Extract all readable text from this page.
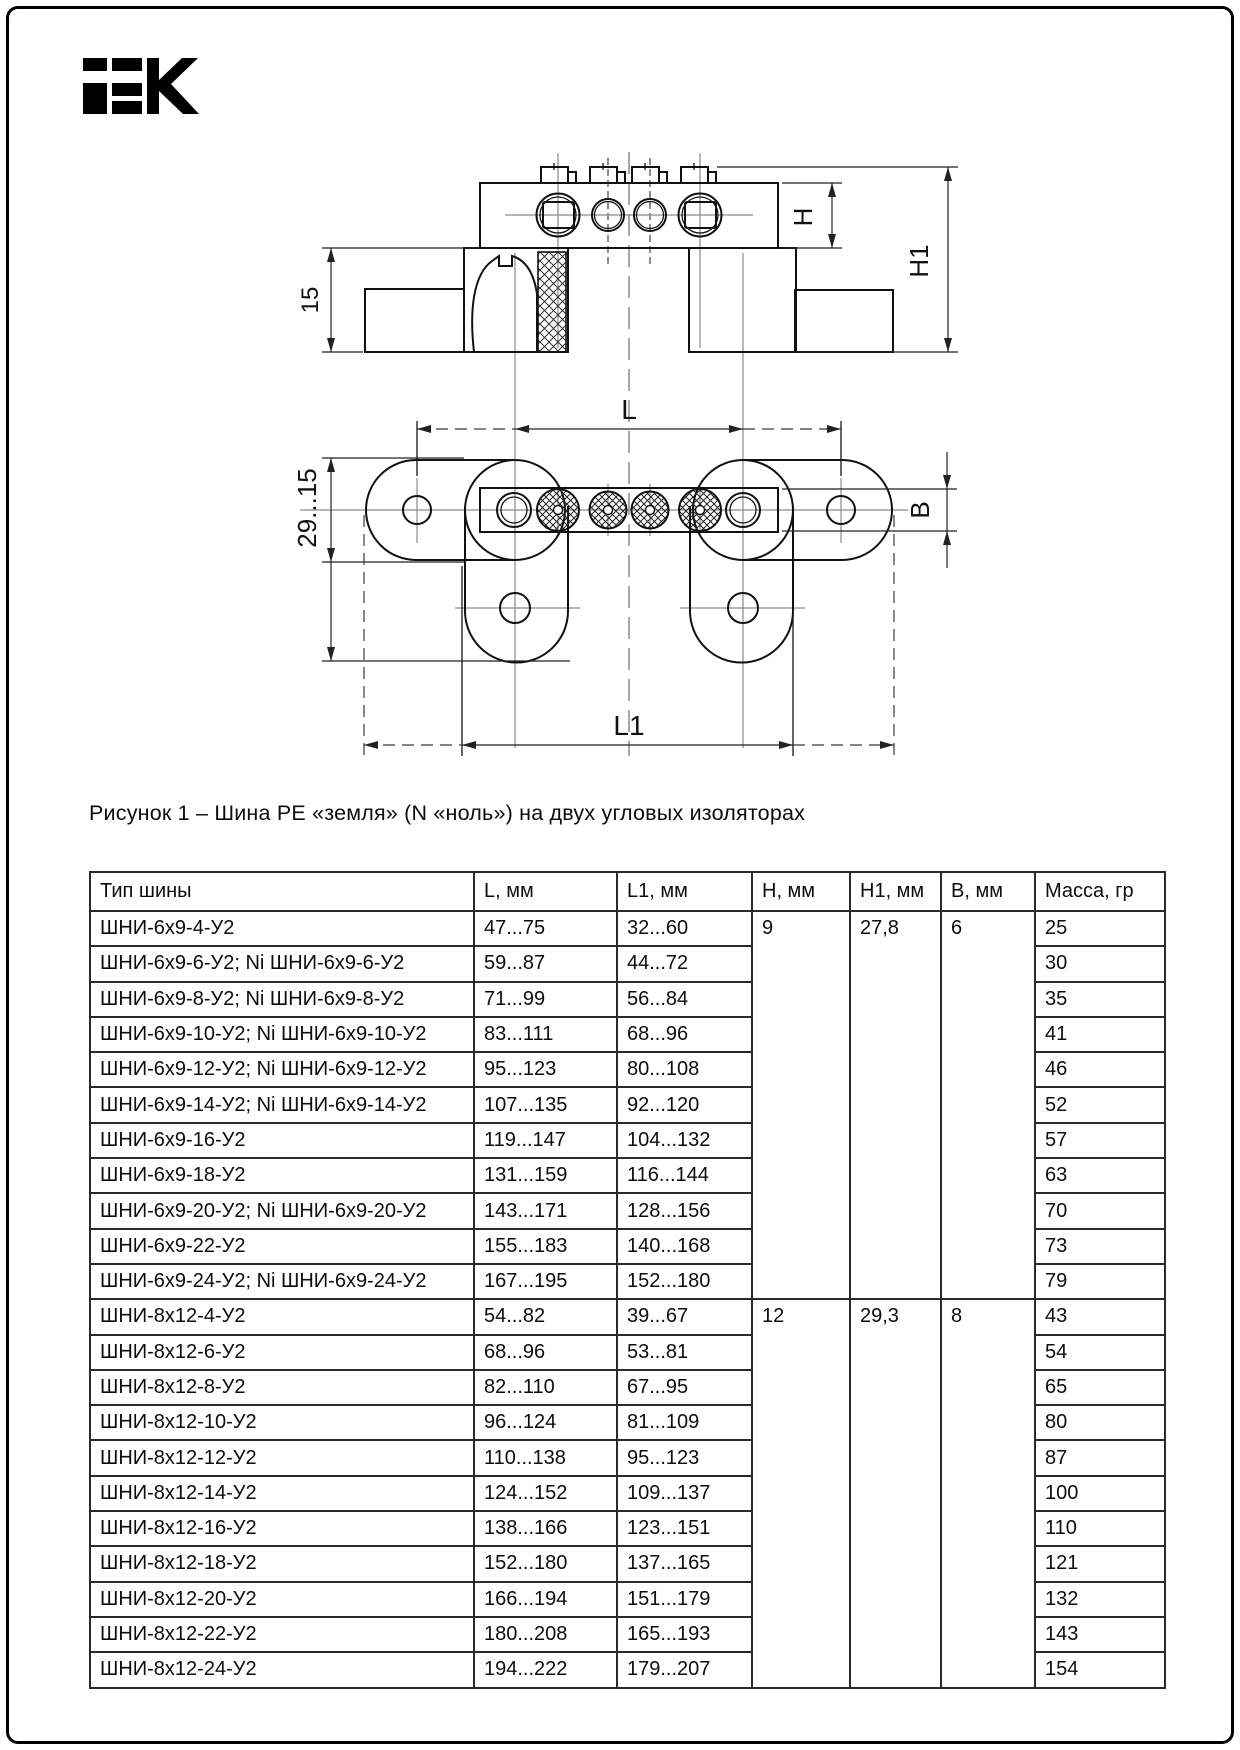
15
H
H1
L
29...15	B
L1
Рисунок 1 – Шина PE «земля» (N «ноль») на двух угловых изоляторах
Тип шины	L, мм	L1, мм	H, мм	H1, мм	В, мм	Масса, гр
ШНИ-6x9-4-У2	47...75	32...60	9	27,8	6	25
ШНИ-6x9-6-У2; Ni ШНИ-6x9-6-У2	59...87	44...72				30
ШНИ-6x9-8-У2; Ni ШНИ-6x9-8-У2	71...99	56...84				35
ШНИ-6x9-10-У2; Ni ШНИ-6x9-10-У2	83...111	68...96				41
ШНИ-6x9-12-У2; Ni ШНИ-6x9-12-У2	95...123	80...108				46
ШНИ-6x9-14-У2; Ni ШНИ-6x9-14-У2	107...135	92...120				52
ШНИ-6x9-16-У2	119...147	104...132				57
ШНИ-6x9-18-У2	131...159	116...144				63
ШНИ-6x9-20-У2; Ni ШНИ-6x9-20-У2	143...171	128...156				70
ШНИ-6x9-22-У2	155...183	140...168				73
ШНИ-6x9-24-У2; Ni ШНИ-6x9-24-У2	167...195	152...180				79
ШНИ-8x12-4-У2	54...82	39...67	12	29,3	8	43
ШНИ-8x12-6-У2	68...96	53...81				54
ШНИ-8x12-8-У2	82...110	67...95				65
ШНИ-8x12-10-У2	96...124	81...109				80
ШНИ-8x12-12-У2	110...138	95...123				87
ШНИ-8x12-14-У2	124...152	109...137				100
ШНИ-8x12-16-У2	138...166	123...151				110
ШНИ-8x12-18-У2	152...180	137...165				121
ШНИ-8x12-20-У2	166...194	151...179				132
ШНИ-8x12-22-У2	180...208	165...193				143
ШНИ-8x12-24-У2	194...222	179...207				154
